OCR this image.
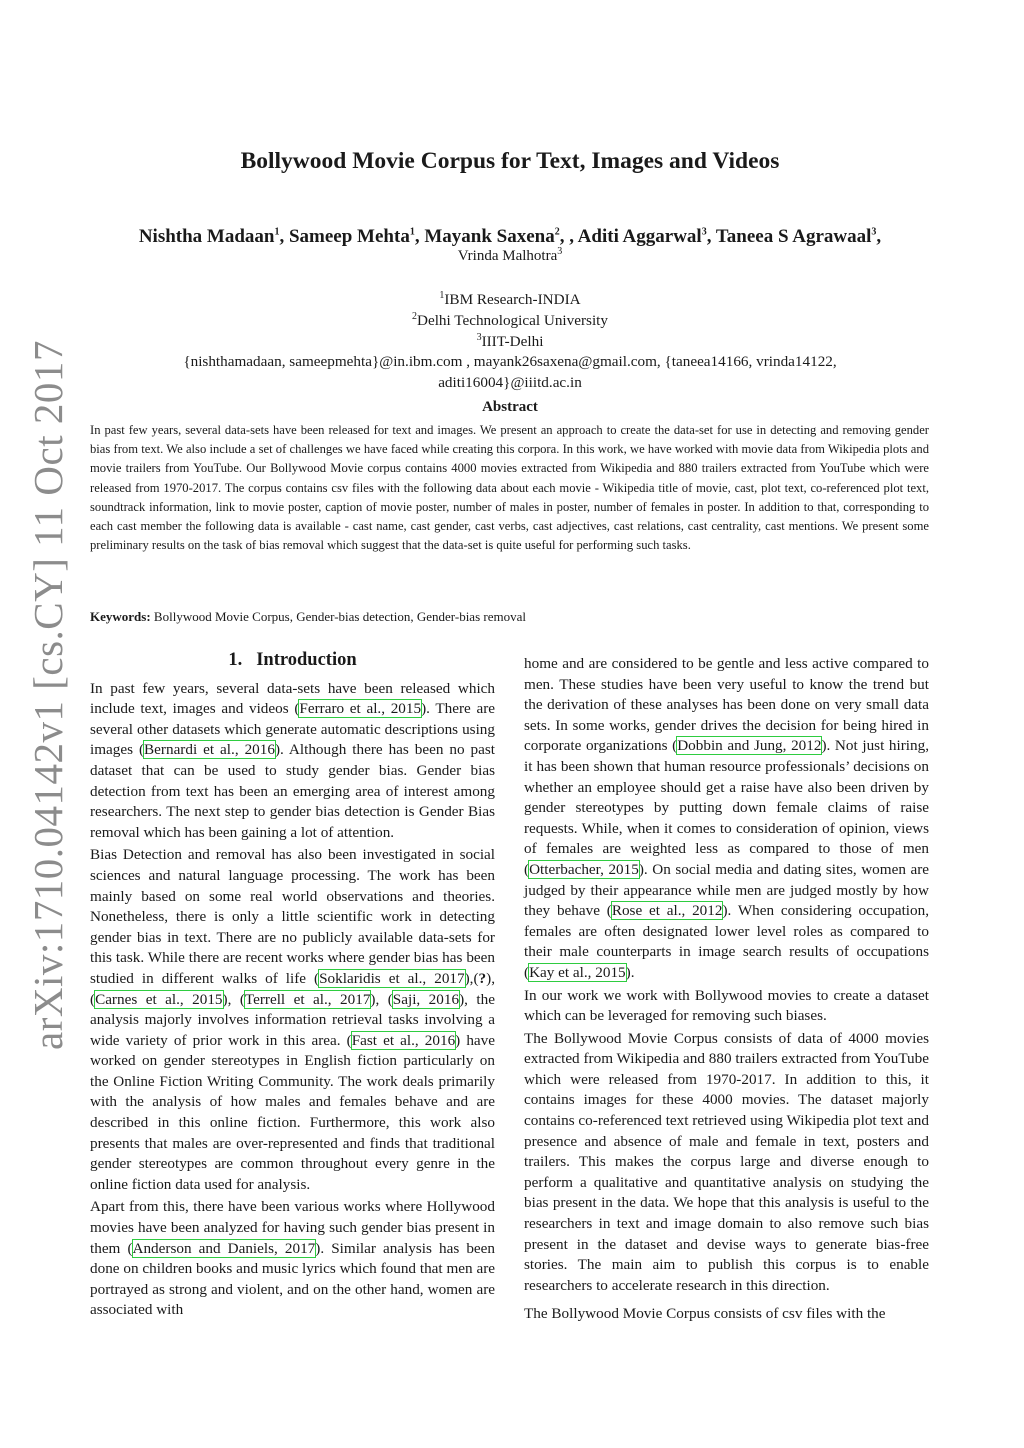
arXiv:1710.04142v1 [cs.CY] 11 Oct 2017
Bollywood Movie Corpus for Text, Images and Videos
Nishtha Madaan$^1$, Sameep Mehta$^1$, Mayank Saxena$^2$, , Aditi Aggarwal$^3$, Taneea S Agrawaal$^3$,
Vrinda Malhotra$^3$
$^1$IBM Research-INDIA
$^2$Delhi Technological University
$^3$IIIT-Delhi
{nishthamadaan, sameepmehta}@in.ibm.com , mayank26saxena@gmail.com, {taneea14166, vrinda14122,
aditi16004}@iiitd.ac.in
Abstract
In past few years, several data-sets have been released for text and images. We present an approach to create the data-set for use in detecting and removing gender bias from text. We also include a set of challenges we have faced while creating this corpora. In this work, we have worked with movie data from Wikipedia plots and movie trailers from YouTube. Our Bollywood Movie corpus contains 4000 movies extracted from Wikipedia and 880 trailers extracted from YouTube which were released from 1970-2017. The corpus contains csv files with the following data about each movie - Wikipedia title of movie, cast, plot text, co-referenced plot text, soundtrack information, link to movie poster, caption of movie poster, number of males in poster, number of females in poster. In addition to that, corresponding to each cast member the following data is available - cast name, cast gender, cast verbs, cast adjectives, cast relations, cast centrality, cast mentions. We present some preliminary results on the task of bias removal which suggest that the data-set is quite useful for performing such tasks.
Keywords: Bollywood Movie Corpus, Gender-bias detection, Gender-bias removal
1. Introduction

In past few years, several data-sets have been released which include text, images and videos (Ferraro et al., 2015). There are several other datasets which generate automatic descriptions using images (Bernardi et al., 2016). Although there has been no past dataset that can be used to study gender bias. Gender bias detection from text has been an emerging area of interest among researchers. The next step to gender bias detection is Gender Bias removal which has been gaining a lot of attention.

Bias Detection and removal has also been investigated in social sciences and natural language processing. The work has been mainly based on some real world observations and theories. Nonetheless, there is only a little scientific work in detecting gender bias in text. There are no publicly available data-sets for this task. While there are recent works where gender bias has been studied in different walks of life (Soklaridis et al., 2017),(?), (Carnes et al., 2015), (Terrell et al., 2017), (Saji, 2016), the analysis majorly involves information retrieval tasks involving a wide variety of prior work in this area. (Fast et al., 2016) have worked on gender stereotypes in English fiction particularly on the Online Fiction Writing Community. The work deals primarily with the analysis of how males and females behave and are described in this online fiction. Furthermore, this work also presents that males are over-represented and finds that traditional gender stereotypes are common throughout every genre in the online fiction data used for analysis.

Apart from this, there have been various works where Hollywood movies have been analyzed for having such gender bias present in them (Anderson and Daniels, 2017). Similar analysis has been done on children books and music lyrics which found that men are portrayed as strong and violent, and on the other hand, women are associated with

home and are considered to be gentle and less active compared to men. These studies have been very useful to know the trend but the derivation of these analyses has been done on very small data sets. In some works, gender drives the decision for being hired in corporate organizations (Dobbin and Jung, 2012). Not just hiring, it has been shown that human resource professionals’ decisions on whether an employee should get a raise have also been driven by gender stereotypes by putting down female claims of raise requests. While, when it comes to consideration of opinion, views of females are weighted less as compared to those of men (Otterbacher, 2015). On social media and dating sites, women are judged by their appearance while men are judged mostly by how they behave (Rose et al., 2012). When considering occupation, females are often designated lower level roles as compared to their male counterparts in image search results of occupations (Kay et al., 2015).

In our work we work with Bollywood movies to create a dataset which can be leveraged for removing such biases.

The Bollywood Movie Corpus consists of data of 4000 movies extracted from Wikipedia and 880 trailers extracted from YouTube which were released from 1970-2017. In addition to this, it contains images for these 4000 movies. The dataset majorly contains co-referenced text retrieved using Wikipedia plot text and presence and absence of male and female in text, posters and trailers. This makes the corpus large and diverse enough to perform a qualitative and quantitative analysis on studying the bias present in the data. We hope that this analysis is useful to the researchers in text and image domain to also remove such bias present in the dataset and devise ways to generate bias-free stories. The main aim to publish this corpus is to enable researchers to accelerate research in this direction.

The Bollywood Movie Corpus consists of csv files with the
